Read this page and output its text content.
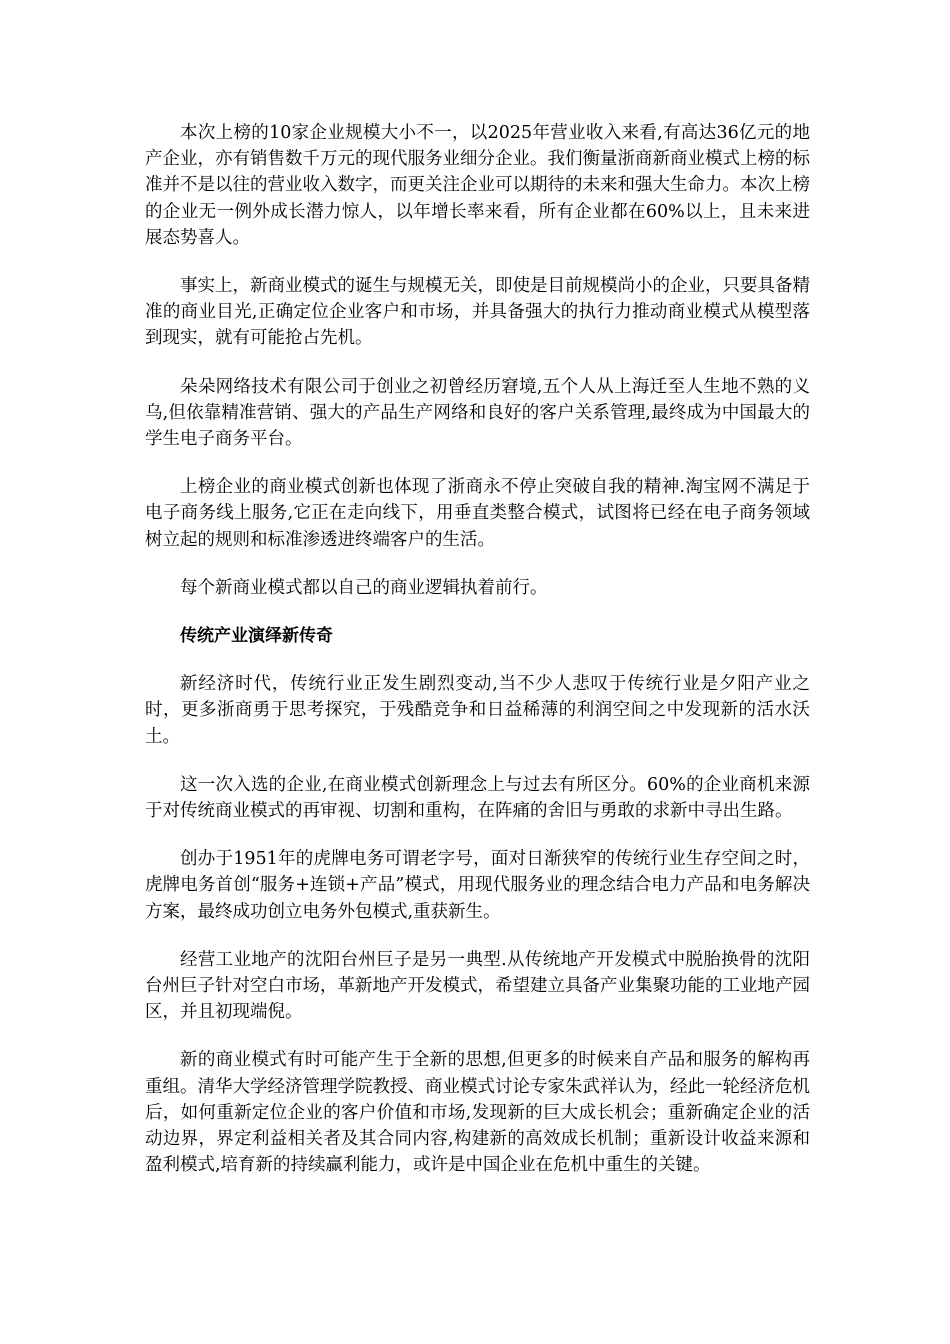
本次上榜的10家企业规模大小不一，以2025年营业收入来看,有高达36亿元的地产企业，亦有销售数千万元的现代服务业细分企业。我们衡量浙商新商业模式上榜的标准并不是以往的营业收入数字，而更关注企业可以期待的未来和强大生命力。本次上榜的企业无一例外成长潜力惊人，以年增长率来看，所有企业都在60%以上，且未来进展态势喜人。

事实上，新商业模式的诞生与规模无关，即使是目前规模尚小的企业，只要具备精准的商业目光,正确定位企业客户和市场，并具备强大的执行力推动商业模式从模型落到现实，就有可能抢占先机。

朵朵网络技术有限公司于创业之初曾经历窘境,五个人从上海迁至人生地不熟的义乌,但依靠精准营销、强大的产品生产网络和良好的客户关系管理,最终成为中国最大的学生电子商务平台。

上榜企业的商业模式创新也体现了浙商永不停止突破自我的精神.淘宝网不满足于电子商务线上服务,它正在走向线下，用垂直类整合模式，试图将已经在电子商务领域树立起的规则和标准渗透进终端客户的生活。

每个新商业模式都以自己的商业逻辑执着前行。

传统产业演绎新传奇

新经济时代，传统行业正发生剧烈变动,当不少人悲叹于传统行业是夕阳产业之时，更多浙商勇于思考探究，于残酷竞争和日益稀薄的利润空间之中发现新的活水沃土。

这一次入选的企业,在商业模式创新理念上与过去有所区分。60%的企业商机来源于对传统商业模式的再审视、切割和重构，在阵痛的舍旧与勇敢的求新中寻出生路。

创办于1951年的虎牌电务可谓老字号，面对日渐狭窄的传统行业生存空间之时，虎牌电务首创“服务+连锁+产品”模式，用现代服务业的理念结合电力产品和电务解决方案，最终成功创立电务外包模式,重获新生。

经营工业地产的沈阳台州巨子是另一典型.从传统地产开发模式中脱胎换骨的沈阳台州巨子针对空白市场，革新地产开发模式，希望建立具备产业集聚功能的工业地产园区，并且初现端倪。

新的商业模式有时可能产生于全新的思想,但更多的时候来自产品和服务的解构再重组。清华大学经济管理学院教授、商业模式讨论专家朱武祥认为，经此一轮经济危机后，如何重新定位企业的客户价值和市场,发现新的巨大成长机会；重新确定企业的活动边界，界定利益相关者及其合同内容,构建新的高效成长机制；重新设计收益来源和盈利模式,培育新的持续赢利能力，或许是中国企业在危机中重生的关键。
